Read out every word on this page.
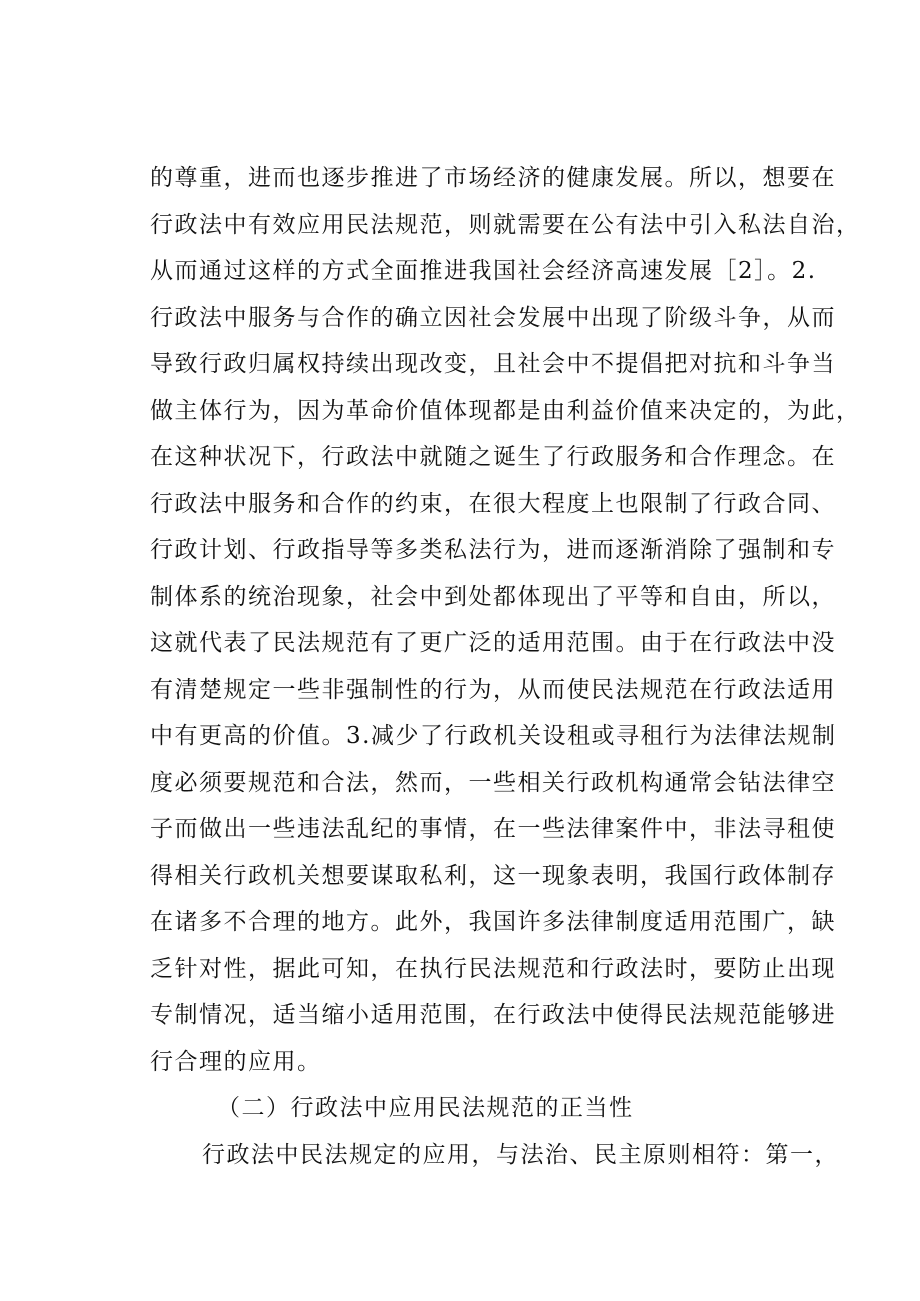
的尊重，进而也逐步推进了市场经济的健康发展。所以，想要在
行政法中有效应用民法规范，则就需要在公有法中引入私法自治，
从而通过这样的方式全面推进我国社会经济高速发展［2］。2.
行政法中服务与合作的确立因社会发展中出现了阶级斗争，从而
导致行政归属权持续出现改变，且社会中不提倡把对抗和斗争当
做主体行为，因为革命价值体现都是由利益价值来决定的，为此，
在这种状况下，行政法中就随之诞生了行政服务和合作理念。在
行政法中服务和合作的约束，在很大程度上也限制了行政合同、
行政计划、行政指导等多类私法行为，进而逐渐消除了强制和专
制体系的统治现象，社会中到处都体现出了平等和自由，所以，
这就代表了民法规范有了更广泛的适用范围。由于在行政法中没
有清楚规定一些非强制性的行为，从而使民法规范在行政法适用
中有更高的价值。3.减少了行政机关设租或寻租行为法律法规制
度必须要规范和合法，然而，一些相关行政机构通常会钻法律空
子而做出一些违法乱纪的事情，在一些法律案件中，非法寻租使
得相关行政机关想要谋取私利，这一现象表明，我国行政体制存
在诸多不合理的地方。此外，我国许多法律制度适用范围广，缺
乏针对性，据此可知，在执行民法规范和行政法时，要防止出现
专制情况，适当缩小适用范围，在行政法中使得民法规范能够进
行合理的应用。
（二）行政法中应用民法规范的正当性
行政法中民法规定的应用，与法治、民主原则相符：第一，
